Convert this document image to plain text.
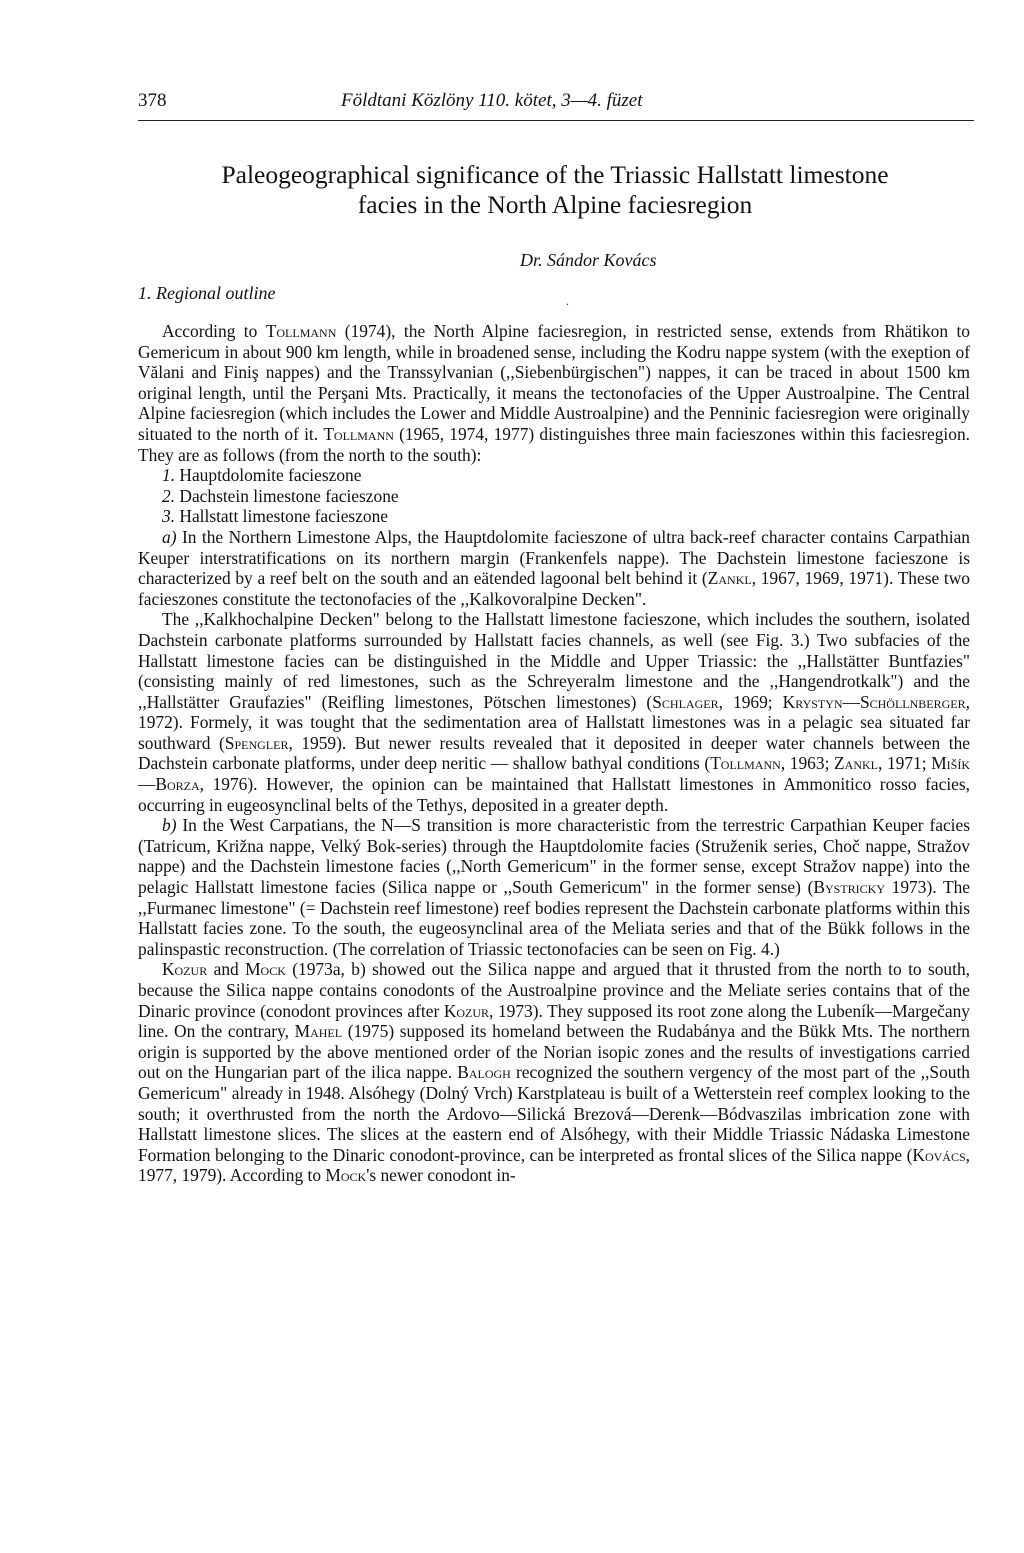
378	Földtani Közlöny 110. kötet, 3—4. füzet
Paleogeographical significance of the Triassic Hallstatt limestone
facies in the North Alpine faciesregion
Dr. Sándor Kovács
1. Regional outline	.

According to Tollmann (1974), the North Alpine faciesregion, in restricted sense, extends from Rhätikon to Gemericum in about 900 km length, while in broadened sense, including the Kodru nappe system (with the exeption of Vălani and Finiş nappes) and the Transsylvanian (,,Siebenbürgischen") nappes, it can be traced in about 1500 km original length, until the Perşani Mts. Practically, it means the tectonofacies of the Upper Austroalpine. The Central Alpine faciesregion (which includes the Lower and Middle Austroalpine) and the Penninic faciesregion were originally situated to the north of it. Tollmann (1965, 1974, 1977) distinguishes three main facieszones within this faciesregion. They are as follows (from the north to the south):

1. Hauptdolomite facieszone

2. Dachstein limestone facieszone

3. Hallstatt limestone facieszone

a) In the Northern Limestone Alps, the Hauptdolomite facieszone of ultra back-reef character contains Carpathian Keuper interstratifications on its northern margin (Frankenfels nappe). The Dachstein limestone facieszone is characterized by a reef belt on the south and an eätended lagoonal belt behind it (Zankl, 1967, 1969, 1971). These two facieszones constitute the tectonofacies of the ,,Kalkovoralpine Decken".

The ,,Kalkhochalpine Decken" belong to the Hallstatt limestone facieszone, which includes the southern, isolated Dachstein carbonate platforms surrounded by Hallstatt facies channels, as well (see Fig. 3.) Two subfacies of the Hallstatt limestone facies can be distinguished in the Middle and Upper Triassic: the ,,Hallstätter Buntfazies" (consisting mainly of red limestones, such as the Schreyeralm limestone and the ,,Hangendrotkalk") and the ,,Hallstätter Graufazies" (Reifling limestones, Pötschen limestones) (Schlager, 1969; Krystyn—Schöllnberger, 1972). Formely, it was tought that the sedimentation area of Hallstatt limestones was in a pelagic sea situated far southward (Spengler, 1959). But newer results revealed that it deposited in deeper water channels between the Dachstein carbonate platforms, under deep neritic — shallow bathyal conditions (Tollmann, 1963; Zankl, 1971; Mišík—Borza, 1976). However, the opinion can be maintained that Hallstatt limestones in Ammonitico rosso facies, occurring in eugeosynclinal belts of the Tethys, deposited in a greater depth.

b) In the West Carpatians, the N—S transition is more characteristic from the terrestric Carpathian Keuper facies (Tatricum, Križna nappe, Velký Bok-series) through the Hauptdolomite facies (Struženik series, Choč nappe, Stražov nappe) and the Dachstein limestone facies (,,North Gemericum" in the former sense, except Stražov nappe) into the pelagic Hallstatt limestone facies (Silica nappe or ,,South Gemericum" in the former sense) (Bystricky 1973). The ,,Furmanec limestone" (= Dachstein reef limestone) reef bodies represent the Dachstein carbonate platforms within this Hallstatt facies zone. To the south, the eugeosynclinal area of the Meliata series and that of the Bükk follows in the palinspastic reconstruction. (The correlation of Triassic tectonofacies can be seen on Fig. 4.)

Kozur and Mock (1973a, b) showed out the Silica nappe and argued that it thrusted from the north to to south, because the Silica nappe contains conodonts of the Austroalpine province and the Meliate series contains that of the Dinaric province (conodont provinces after Kozur, 1973). They supposed its root zone along the Lubeník—Margečany line. On the contrary, Mahel (1975) supposed its homeland between the Rudabánya and the Bükk Mts. The northern origin is supported by the above mentioned order of the Norian isopic zones and the results of investigations carried out on the Hungarian part of the ilica nappe. Balogh recognized the southern vergency of the most part of the ,,South Gemericum" already in 1948. Alsóhegy (Dolný Vrch) Karstplateau is built of a Wetterstein reef complex looking to the south; it overthrusted from the north the Ardovo—Silická Brezová—Derenk—Bódvaszilas imbrication zone with Hallstatt limestone slices. The slices at the eastern end of Alsóhegy, with their Middle Triassic Nádaska Limestone Formation belonging to the Dinaric conodont-province, can be interpreted as frontal slices of the Silica nappe (Kovács, 1977, 1979). According to Mock's newer conodont in-
